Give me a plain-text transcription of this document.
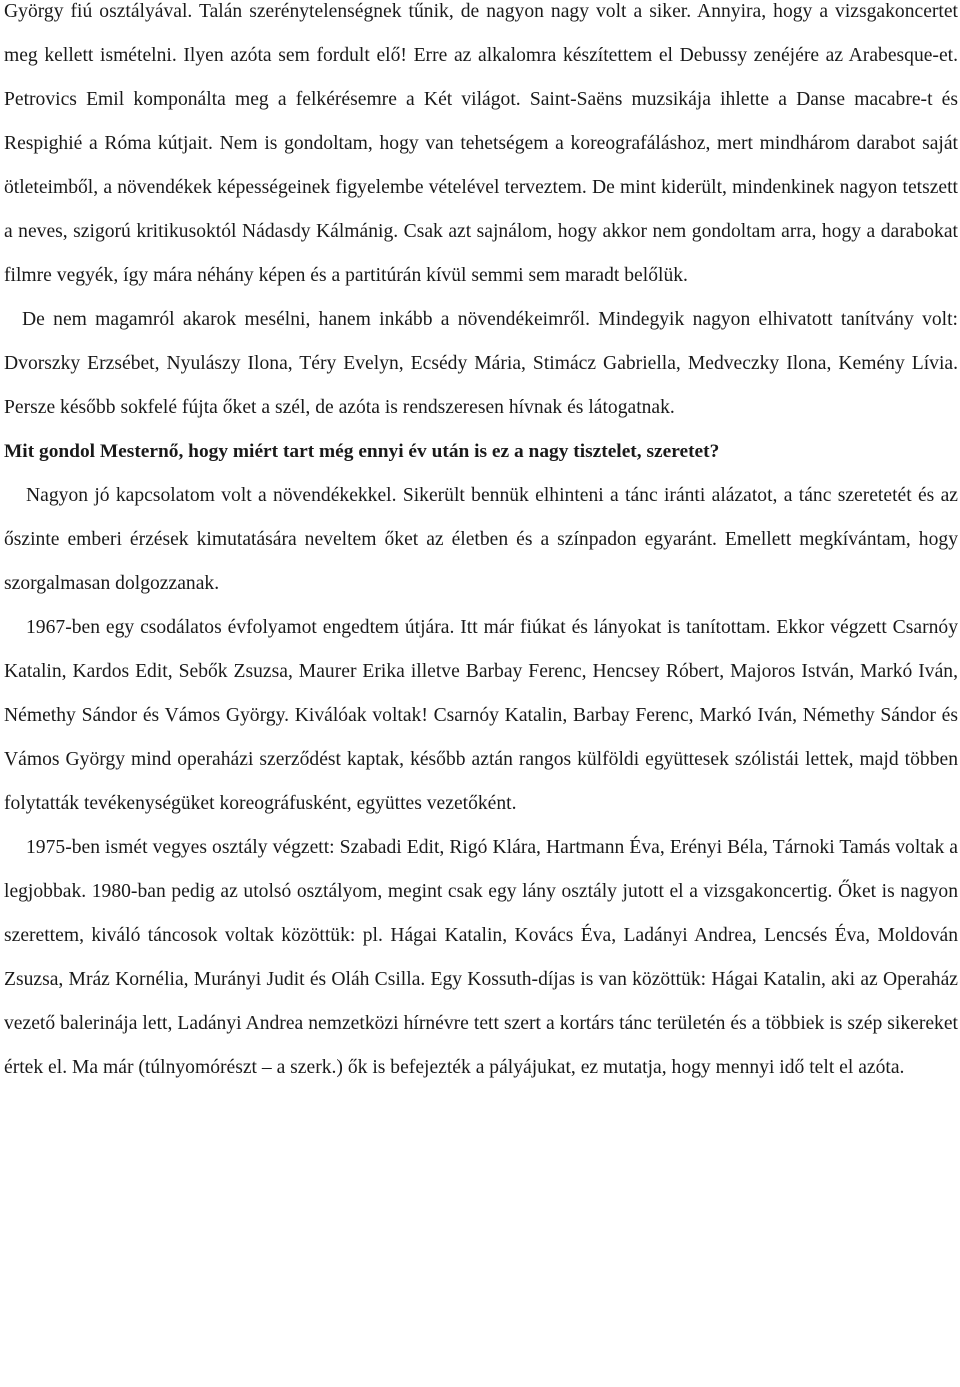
György fiú osztályával. Talán szerénytelenségnek tűnik, de nagyon nagy volt a siker. Annyira, hogy a vizsgakoncertet meg kellett ismételni. Ilyen azóta sem fordult elő! Erre az alkalomra készítettem el Debussy zenéjére az Arabesque-et. Petrovics Emil komponálta meg a felkérésemre a Két világot. Saint-Saëns muzsikája ihlette a Danse macabre-t és Respighié a Róma kútjait. Nem is gondoltam, hogy van tehetségem a koreografáláshoz, mert mindhárom darabot saját ötleteimből, a növendékek képességeinek figyelembe vételével terveztem. De mint kiderült, mindenkinek nagyon tetszett a neves, szigorú kritikusoktól Nádasdy Kálmánig. Csak azt sajnálom, hogy akkor nem gondoltam arra, hogy a darabokat filmre vegyék, így mára néhány képen és a partitúrán kívül semmi sem maradt belőlük.

De nem magamról akarok mesélni, hanem inkább a növendékeimről. Mindegyik nagyon elhivatott tanítvány volt: Dvorszky Erzsébet, Nyulászy Ilona, Téry Evelyn, Ecsédy Mária, Stimácz Gabriella, Medveczky Ilona, Kemény Lívia. Persze később sokfelé fújta őket a szél, de azóta is rendszeresen hívnak és látogatnak.

Mit gondol Mesternő, hogy miért tart még ennyi év után is ez a nagy tisztelet, szeretet?

Nagyon jó kapcsolatom volt a növendékekkel. Sikerült bennük elhinteni a tánc iránti alázatot, a tánc szeretetét és az őszinte emberi érzések kimutatására neveltem őket az életben és a színpadon egyaránt. Emellett megkívántam, hogy szorgalmasan dolgozzanak.

1967-ben egy csodálatos évfolyamot engedtem útjára. Itt már fiúkat és lányokat is tanítottam. Ekkor végzett Csarnóy Katalin, Kardos Edit, Sebők Zsuzsa, Maurer Erika illetve Barbay Ferenc, Hencsey Róbert, Majoros István, Markó Iván, Némethy Sándor és Vámos György. Kiválóak voltak! Csarnóy Katalin, Barbay Ferenc, Markó Iván, Némethy Sándor és Vámos György mind operaházi szerződést kaptak, később aztán rangos külföldi együttesek szólistái lettek, majd többen folytatták tevékenységüket koreográfusként, együttes vezetőként.

1975-ben ismét vegyes osztály végzett: Szabadi Edit, Rigó Klára, Hartmann Éva, Erényi Béla, Tárnoki Tamás voltak a legjobbak. 1980-ban pedig az utolsó osztályom, megint csak egy lány osztály jutott el a vizsgakoncertig. Őket is nagyon szerettem, kiváló táncosok voltak közöttük: pl. Hágai Katalin, Kovács Éva, Ladányi Andrea, Lencsés Éva, Moldován Zsuzsa, Mráz Kornélia, Murányi Judit és Oláh Csilla. Egy Kossuth-díjas is van közöttük: Hágai Katalin, aki az Operaház vezető balerinája lett, Ladányi Andrea nemzetközi hírnévre tett szert a kortárs tánc területén és a többiek is szép sikereket értek el. Ma már (túlnyomórészt – a szerk.) ők is befejezték a pályájukat, ez mutatja, hogy mennyi idő telt el azóta.
